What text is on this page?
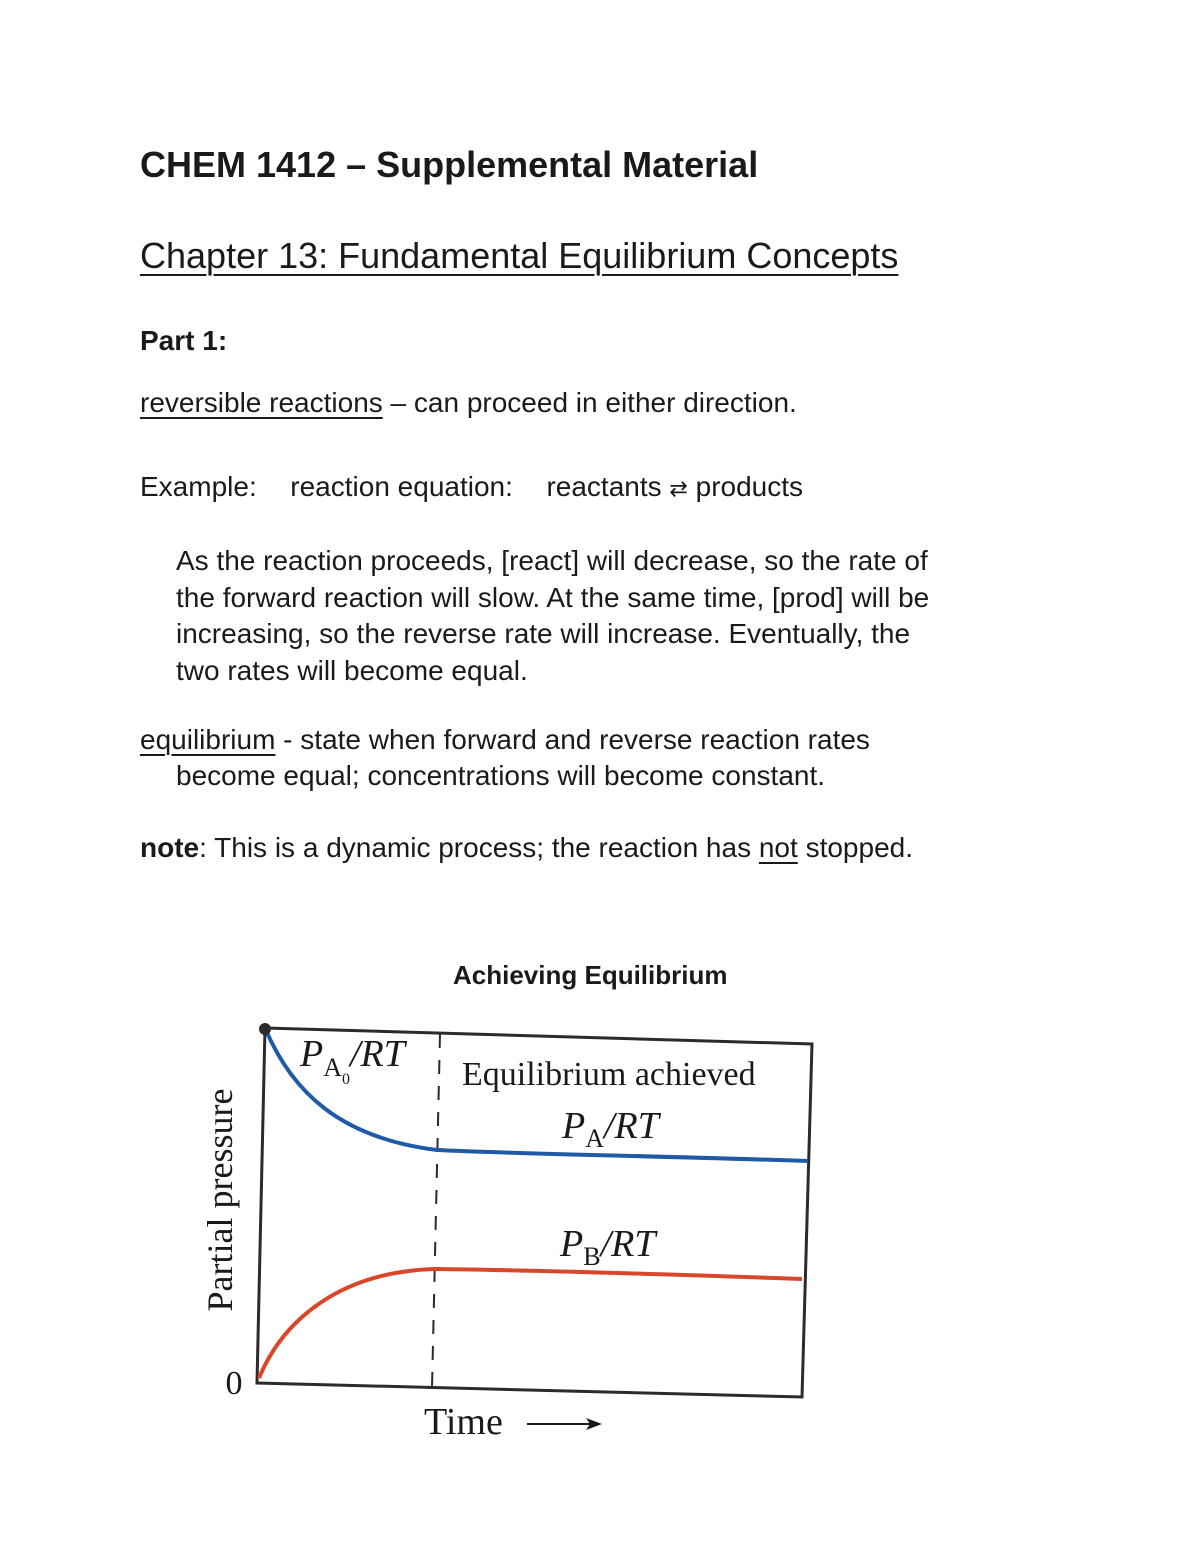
CHEM 1412 – Supplemental Material
Chapter 13: Fundamental Equilibrium Concepts
Part 1:
reversible reactions – can proceed in either direction.
Example: reaction equation: reactants ⇄ products
As the reaction proceeds, [react] will decrease, so the rate of
the forward reaction will slow. At the same time, [prod] will be
increasing, so the reverse rate will increase. Eventually, the
two rates will become equal.
equilibrium - state when forward and reverse reaction rates
become equal; concentrations will become constant.
note: This is a dynamic process; the reaction has not stopped.
Achieving Equilibrium
$P_{A0}/RT$ Equilibrium achieved
$P_A/RT$
$P_B/RT$
Partial pressure
0
Time
